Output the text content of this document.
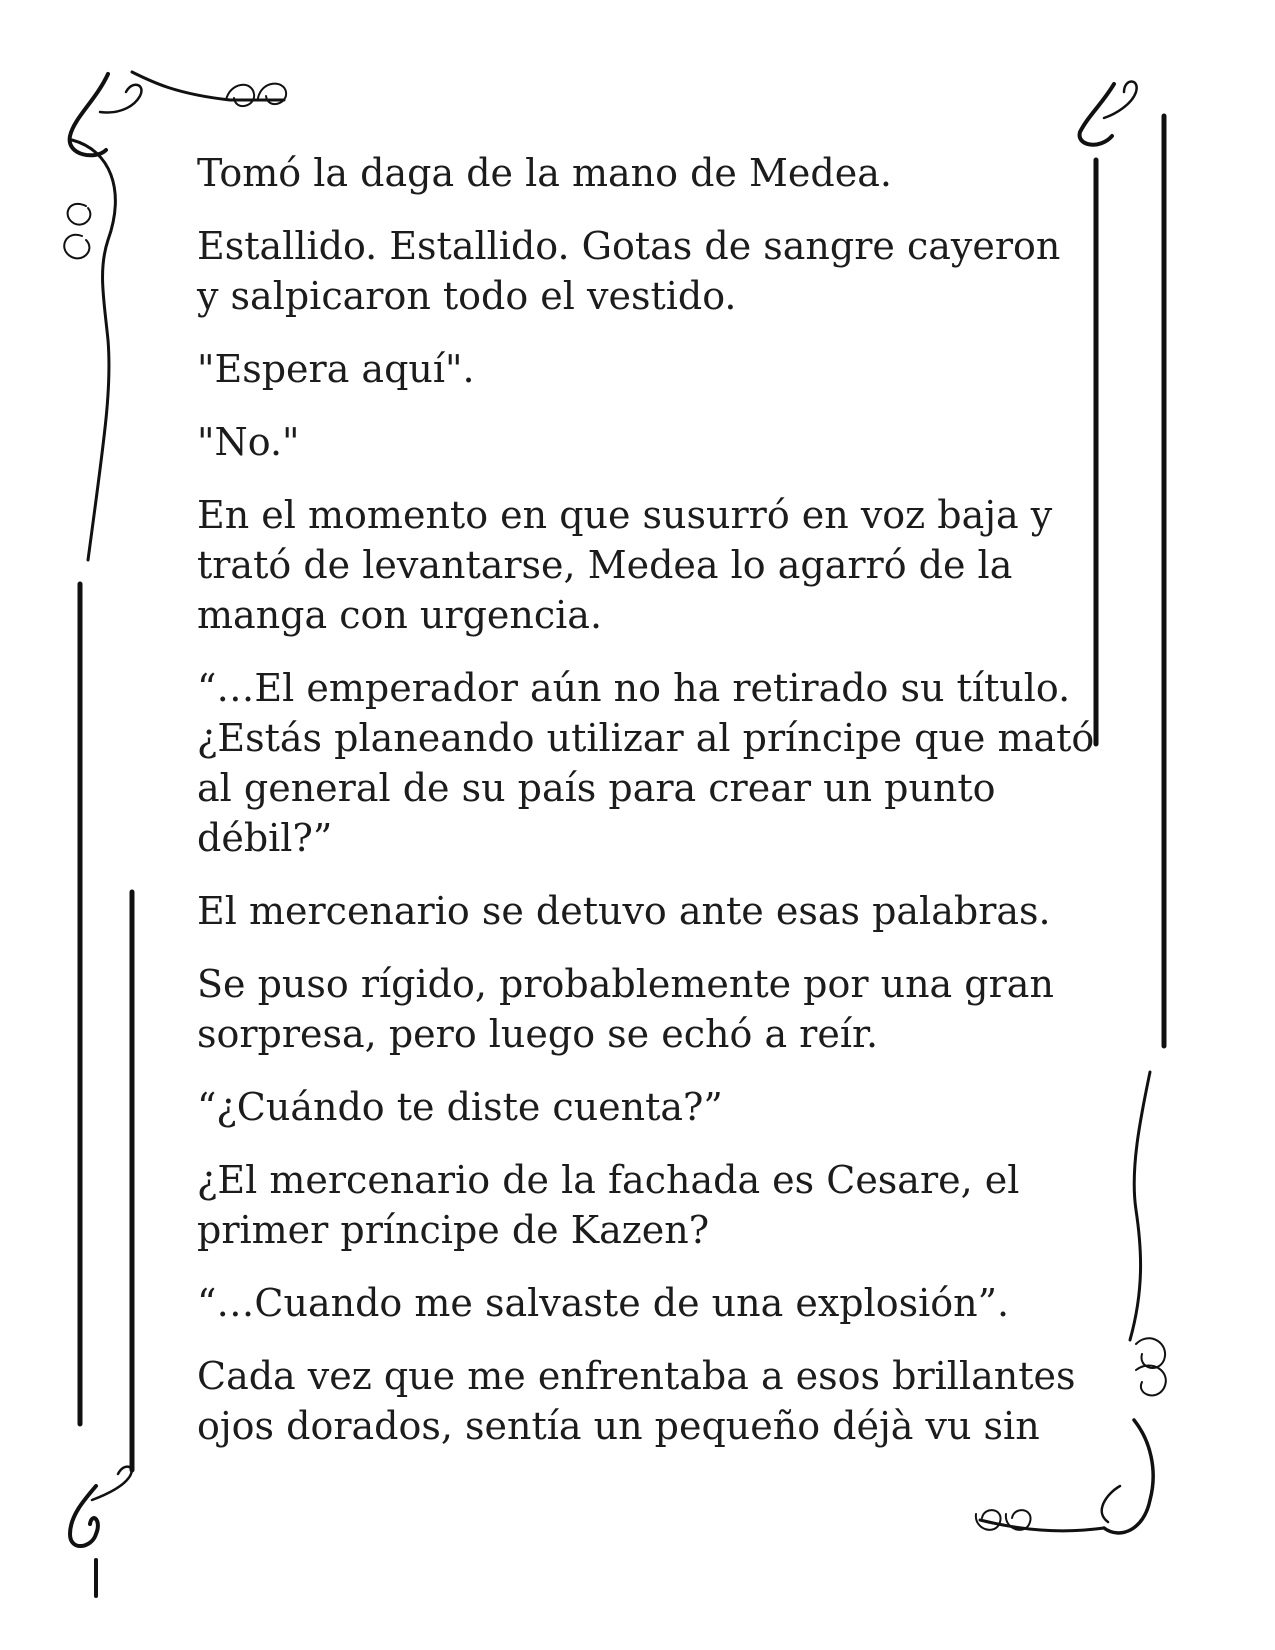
Tomó la daga de la mano de Medea.

Estallido. Estallido. Gotas de sangre cayeron
y salpicaron todo el vestido.

"Espera aquí".

"No."

En el momento en que susurró en voz baja y
trató de levantarse, Medea lo agarró de la
manga con urgencia.

“…El emperador aún no ha retirado su título.
¿Estás planeando utilizar al príncipe que mató
al general de su país para crear un punto
débil?”

El mercenario se detuvo ante esas palabras.

Se puso rígido, probablemente por una gran
sorpresa, pero luego se echó a reír.

“¿Cuándo te diste cuenta?”

¿El mercenario de la fachada es Cesare, el
primer príncipe de Kazen?

“…Cuando me salvaste de una explosión”.

Cada vez que me enfrentaba a esos brillantes
ojos dorados, sentía un pequeño déjà vu sin
